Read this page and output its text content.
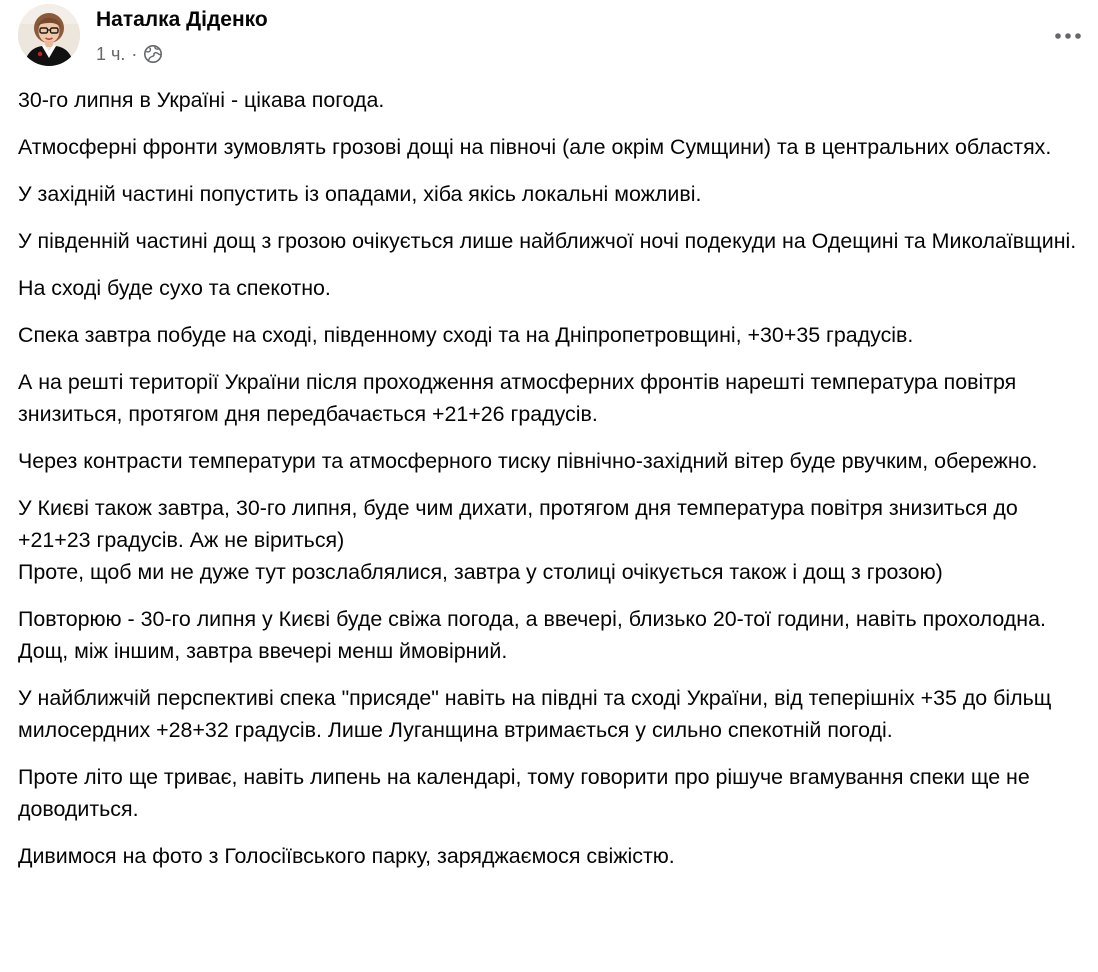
Наталка Діденко
1 ч. ·

30-го липня в Україні - цікава погода.

Атмосферні фронти зумовлять грозові дощі на півночі (але окрім Сумщини) та в центральних областях.

У західній частині попустить із опадами, хіба якісь локальні можливі.

У південній частині дощ з грозою очікується лише найближчої ночі подекуди на Одещині та Миколаївщині.

На сході буде сухо та спекотно.

Спека завтра побуде на сході, південному сході та на Дніпропетровщині, +30+35 градусів.

А на решті території України після проходження атмосферних фронтів нарешті температура повітря знизиться, протягом дня передбачається +21+26 градусів.

Через контрасти температури та атмосферного тиску північно-західний вітер буде рвучким, обережно.

У Києві також завтра, 30-го липня, буде чим дихати, протягом дня температура повітря знизиться до +21+23 градусів. Аж не віриться)
Проте, щоб ми не дуже тут розслаблялися, завтра у столиці очікується також і дощ з грозою)

Повторюю - 30-го липня у Києві буде свіжа погода, а ввечері, близько 20-тої години, навіть прохолодна. Дощ, між іншим, завтра ввечері менш ймовірний.

У найближчій перспективі спека "присяде" навіть на півдні та сході України, від теперішніх +35 до більщ милосердних +28+32 градусів. Лише Луганщина втримається у сильно спекотній погоді.

Проте літо ще триває, навіть липень на календарі, тому говорити про рішуче вгамування спеки ще не доводиться.

Дивимося на фото з Голосіївського парку, заряджаємося свіжістю.
